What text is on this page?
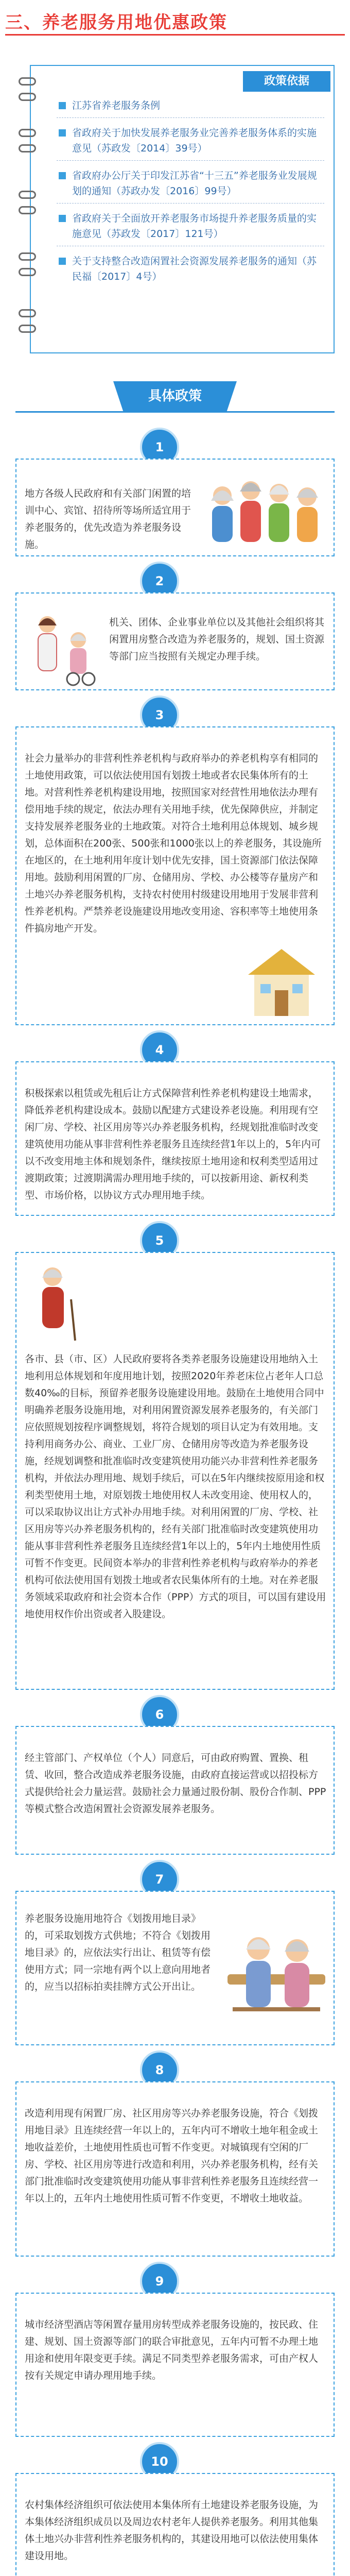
三、养老服务用地优惠政策
政策依据
江苏省养老服务条例
省政府关于加快发展养老服务业完善养老服务体系的实施意见（苏政发〔2014〕39号）
省政府办公厅关于印发江苏省“十三五”养老服务业发展规划的通知（苏政办发〔2016〕99号）
省政府关于全面放开养老服务市场提升养老服务质量的实施意见（苏政发〔2017〕121号）
关于支持整合改造闲置社会资源发展养老服务的通知（苏民福〔2017〕4号）
具体政策
1
地方各级人民政府和有关部门闲置的培训中心、宾馆、招待所等场所适宜用于养老服务的，优先改造为养老服务设施。
2
机关、团体、企业事业单位以及其他社会组织将其闲置用房整合改造为养老服务的，规划、国土资源等部门应当按照有关规定办理手续。
3
社会力量举办的非营利性养老机构与政府举办的养老机构享有相同的土地使用政策，可以依法使用国有划拨土地或者农民集体所有的土地。对营利性养老机构建设用地，按照国家对经营性用地依法办理有偿用地手续的规定，依法办理有关用地手续，优先保障供应，并制定支持发展养老服务业的土地政策。对符合土地利用总体规划、城乡规划，总体面积在200张、500张和1000张以上的养老服务，其设施所在地区的，在土地利用年度计划中优先安排，国土资源部门依法保障用地。鼓励利用闲置的厂房、仓储用房、学校、办公楼等存量房产和土地兴办养老服务机构，支持农村使用村级建设用地用于发展非营利性养老机构。严禁养老设施建设用地改变用途、容积率等土地使用条件搞房地产开发。
4
积极探索以租赁或先租后让方式保障营利性养老机构建设土地需求，降低养老机构建设成本。鼓励以配建方式建设养老设施。利用现有空闲厂房、学校、社区用房等兴办养老服务机构，经规划批准临时改变建筑使用功能从事非营利性养老服务且连续经营1年以上的，5年内可以不改变用地主体和规划条件，继续按原土地用途和权利类型适用过渡期政策；过渡期满需办理用地手续的，可以按新用途、新权利类型、市场价格，以协议方式办理用地手续。
5
各市、县（市、区）人民政府要将各类养老服务设施建设用地纳入土地利用总体规划和年度用地计划，按照2020年养老床位占老年人口总数40‰的目标，预留养老服务设施建设用地。鼓励在土地使用合同中明确养老服务设施用地，对利用闲置资源发展养老服务的，有关部门应依照规划按程序调整规划，将符合规划的项目认定为有效用地。支持利用商务办公、商业、工业厂房、仓储用房等改造为养老服务设施，经规划调整和批准临时改变建筑使用功能兴办非营利性养老服务机构，并依法办理用地、规划手续后，可以在5年内继续按原用途和权利类型使用土地，对原划拨土地使用权人未改变用途、使用权人的，可以采取协议出让方式补办用地手续。对利用闲置的厂房、学校、社区用房等兴办养老服务机构的，经有关部门批准临时改变建筑使用功能从事非营利性养老服务且连续经营1年以上的，5年内土地使用性质可暂不作变更。民间资本举办的非营利性养老机构与政府举办的养老机构可依法使用国有划拨土地或者农民集体所有的土地。对在养老服务领域采取政府和社会资本合作（PPP）方式的项目，可以国有建设用地使用权作价出资或者入股建设。
6
经主管部门、产权单位（个人）同意后，可由政府购置、置换、租赁、收回，整合改造成养老服务设施，由政府直接运营或以招投标方式提供给社会力量运营。鼓励社会力量通过股份制、股份合作制、PPP等模式整合改造闲置社会资源发展养老服务。
7
养老服务设施用地符合《划拨用地目录》的，可采取划拨方式供地；不符合《划拨用地目录》的，应依法实行出让、租赁等有偿使用方式；同一宗地有两个以上意向用地者的，应当以招标拍卖挂牌方式公开出让。
8
改造利用现有闲置厂房、社区用房等兴办养老服务设施，符合《划拨用地目录》且连续经营一年以上的，五年内可不增收土地年租金或土地收益差价，土地使用性质也可暂不作变更。对城镇现有空闲的厂房、学校、社区用房等进行改造和利用，兴办养老服务机构，经有关部门批准临时改变建筑使用功能从事非营利性养老服务且连续经营一年以上的，五年内土地使用性质可暂不作变更，不增收土地收益。
9
城市经济型酒店等闲置存量用房转型成养老服务设施的，按民政、住建、规划、国土资源等部门的联合审批意见，五年内可暂不办理土地用途和使用年限变更手续。满足不同类型养老服务需求，可由产权人按有关规定申请办理用地手续。
10
农村集体经济组织可依法使用本集体所有土地建设养老服务设施，为本集体经济组织成员以及周边农村老年人提供养老服务。利用其他集体土地兴办非营利性养老服务机构的，其建设用地可以依法使用集体建设用地。
